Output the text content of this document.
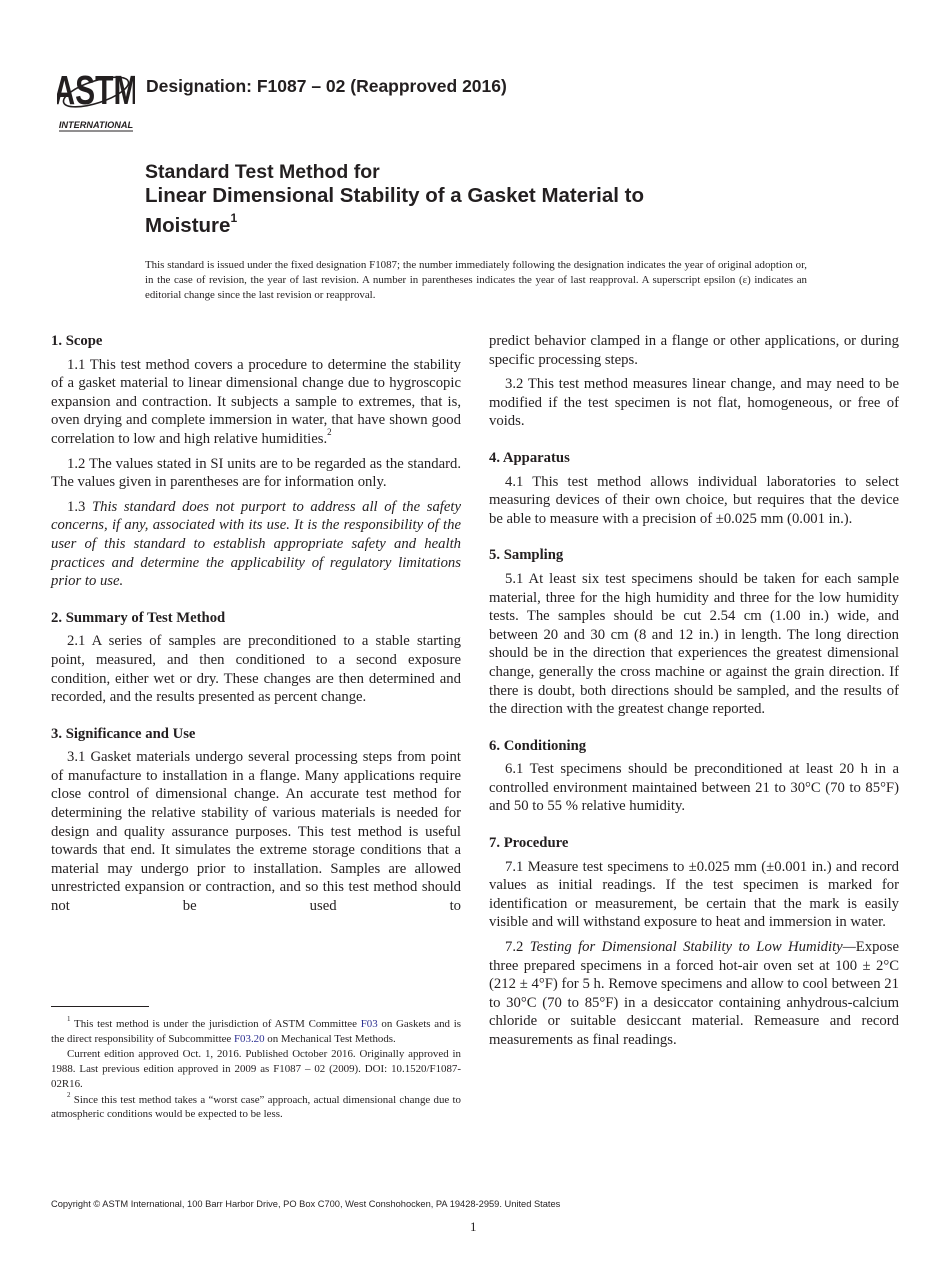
ASTM
INTERNATIONAL
Designation: F1087 – 02 (Reapproved 2016)
Standard Test Method for
Linear Dimensional Stability of a Gasket Material to
Moisture$^1$
This standard is issued under the fixed designation F1087; the number immediately following the designation indicates the year of original adoption or, in the case of revision, the year of last revision. A number in parentheses indicates the year of last reapproval. A superscript epsilon (ε) indicates an editorial change since the last revision or reapproval.
1. Scope

1.1 This test method covers a procedure to determine the stability of a gasket material to linear dimensional change due to hygroscopic expansion and contraction. It subjects a sample to extremes, that is, oven drying and complete immersion in water, that have shown good correlation to low and high relative humidities.$^2$

1.2 The values stated in SI units are to be regarded as the standard. The values given in parentheses are for information only.

1.3 This standard does not purport to address all of the safety concerns, if any, associated with its use. It is the responsibility of the user of this standard to establish appropriate safety and health practices and determine the applicability of regulatory limitations prior to use.

2. Summary of Test Method

2.1 A series of samples are preconditioned to a stable starting point, measured, and then conditioned to a second exposure condition, either wet or dry. These changes are then determined and recorded, and the results presented as percent change.

3. Significance and Use

3.1 Gasket materials undergo several processing steps from point of manufacture to installation in a flange. Many applications require close control of dimensional change. An accurate test method for determining the relative stability of various materials is needed for design and quality assurance purposes. This test method is useful towards that end. It simulates the extreme storage conditions that a material may undergo prior to installation. Samples are allowed unrestricted expansion or contraction, and so this test method should not be used to

$^1$ This test method is under the jurisdiction of ASTM Committee F03 on Gaskets and is the direct responsibility of Subcommittee F03.20 on Mechanical Test Methods.

Current edition approved Oct. 1, 2016. Published October 2016. Originally approved in 1988. Last previous edition approved in 2009 as F1087 – 02 (2009). DOI: 10.1520/F1087-02R16.

$^2$ Since this test method takes a “worst case” approach, actual dimensional change due to atmospheric conditions would be expected to be less.

predict behavior clamped in a flange or other applications, or during specific processing steps.

3.2 This test method measures linear change, and may need to be modified if the test specimen is not flat, homogeneous, or free of voids.

4. Apparatus

4.1 This test method allows individual laboratories to select measuring devices of their own choice, but requires that the device be able to measure with a precision of ±0.025 mm (0.001 in.).

5. Sampling

5.1 At least six test specimens should be taken for each sample material, three for the high humidity and three for the low humidity tests. The samples should be cut 2.54 cm (1.00 in.) wide, and between 20 and 30 cm (8 and 12 in.) in length. The long direction should be in the direction that experiences the greatest dimensional change, generally the cross machine or against the grain direction. If there is doubt, both directions should be sampled, and the results of the direction with the greatest change reported.

6. Conditioning

6.1 Test specimens should be preconditioned at least 20 h in a controlled environment maintained between 21 to 30°C (70 to 85°F) and 50 to 55 % relative humidity.

7. Procedure

7.1 Measure test specimens to ±0.025 mm (±0.001 in.) and record values as initial readings. If the test specimen is marked for identification or measurement, be certain that the mark is easily visible and will withstand exposure to heat and immersion in water.

7.2 Testing for Dimensional Stability to Low Humidity—Expose three prepared specimens in a forced hot-air oven set at 100 ± 2°C (212 ± 4°F) for 5 h. Remove specimens and allow to cool between 21 to 30°C (70 to 85°F) in a desiccator containing anhydrous-calcium chloride or suitable desiccant material. Remeasure and record measurements as final readings.

Copyright © ASTM International, 100 Barr Harbor Drive, PO Box C700, West Conshohocken, PA 19428-2959. United States
1
